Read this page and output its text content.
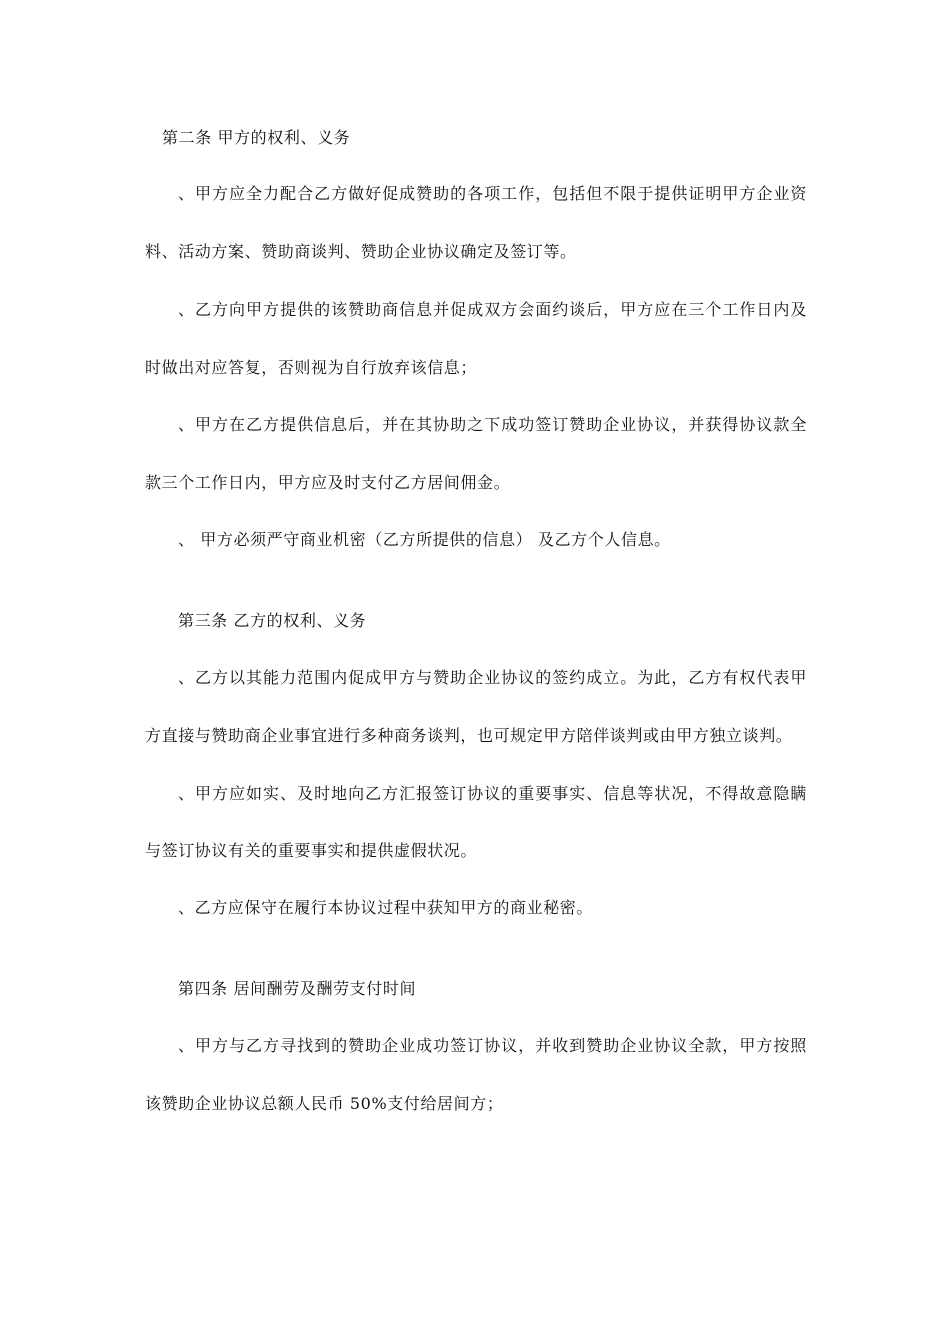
第二条 甲方的权利、义务
、甲方应全力配合乙方做好促成赞助的各项工作，包括但不限于提供证明甲方企业资
料、活动方案、赞助商谈判、赞助企业协议确定及签订等。
、乙方向甲方提供的该赞助商信息并促成双方会面约谈后，甲方应在三个工作日内及
时做出对应答复，否则视为自行放弃该信息；
、甲方在乙方提供信息后，并在其协助之下成功签订赞助企业协议，并获得协议款全
款三个工作日内，甲方应及时支付乙方居间佣金。
、 甲方必须严守商业机密（乙方所提供的信息） 及乙方个人信息。
第三条 乙方的权利、义务
、乙方以其能力范围内促成甲方与赞助企业协议的签约成立。为此，乙方有权代表甲
方直接与赞助商企业事宜进行多种商务谈判，也可规定甲方陪伴谈判或由甲方独立谈判。
、甲方应如实、及时地向乙方汇报签订协议的重要事实、信息等状况，不得故意隐瞒
与签订协议有关的重要事实和提供虚假状况。
、乙方应保守在履行本协议过程中获知甲方的商业秘密。
第四条 居间酬劳及酬劳支付时间
、甲方与乙方寻找到的赞助企业成功签订协议，并收到赞助企业协议全款，甲方按照
该赞助企业协议总额人民币 50%支付给居间方；
